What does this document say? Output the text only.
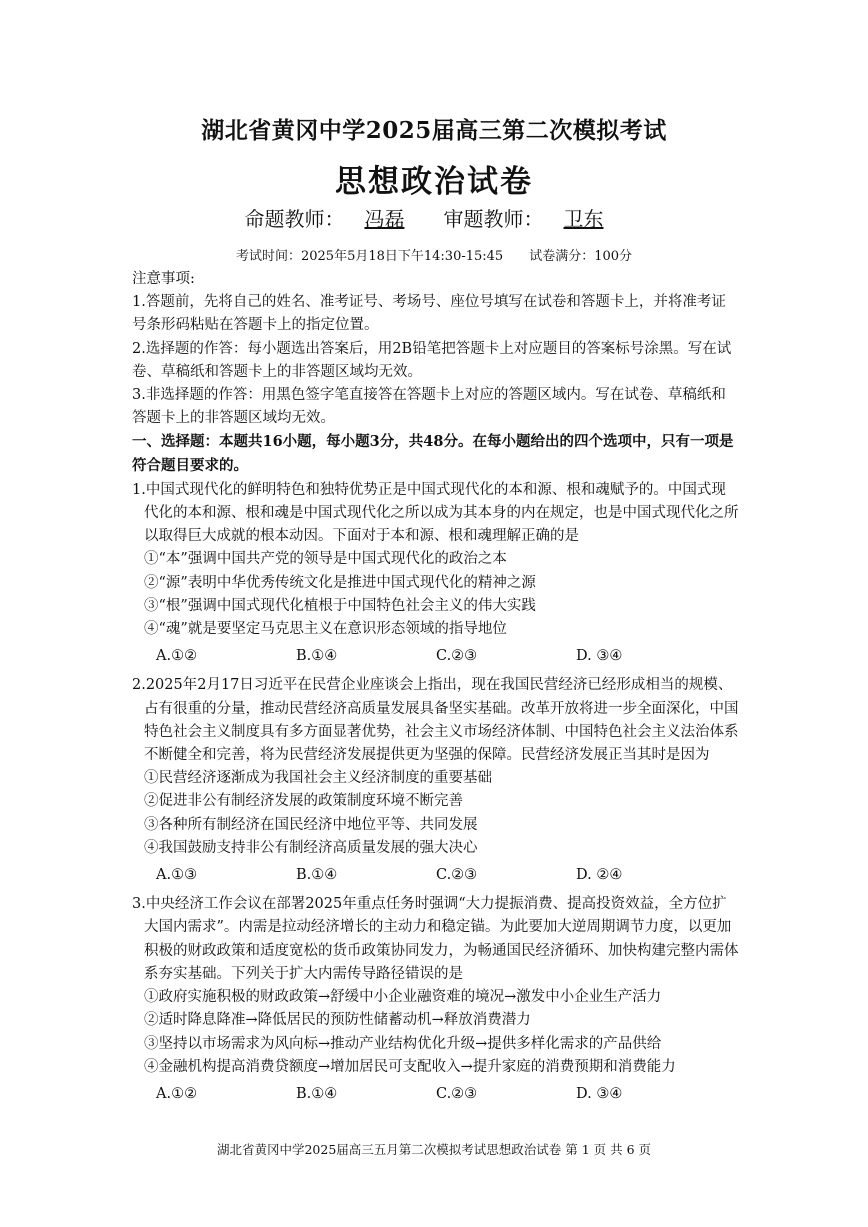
湖北省黄冈中学2025届高三第二次模拟考试
思想政治试卷
命题教师： 冯磊 审题教师： 卫东
考试时间：2025年5月18日下午14:30-15:45　　试卷满分：100分

注意事项:

1.答题前，先将自己的姓名、准考证号、考场号、座位号填写在试卷和答题卡上，并将准考证号条形码粘贴在答题卡上的指定位置。

2.选择题的作答：每小题选出答案后，用2B铅笔把答题卡上对应题目的答案标号涂黑。写在试卷、草稿纸和答题卡上的非答题区域均无效。

3.非选择题的作答：用黑色签字笔直接答在答题卡上对应的答题区域内。写在试卷、草稿纸和答题卡上的非答题区域均无效。

一、选择题：本题共16小题，每小题3分，共48分。在每小题给出的四个选项中，只有一项是符合题目要求的。

1.中国式现代化的鲜明特色和独特优势正是中国式现代化的本和源、根和魂赋予的。中国式现代化的本和源、根和魂是中国式现代化之所以成为其本身的内在规定，也是中国式现代化之所以取得巨大成就的根本动因。下面对于本和源、根和魂理解正确的是

①“本”强调中国共产党的领导是中国式现代化的政治之本

②“源”表明中华优秀传统文化是推进中国式现代化的精神之源

③“根”强调中国式现代化植根于中国特色社会主义的伟大实践

④“魂”就是要坚定马克思主义在意识形态领域的指导地位

A.①②	B.①④	C.②③	D. ③④

2.2025年2月17日习近平在民营企业座谈会上指出，现在我国民营经济已经形成相当的规模、占有很重的分量，推动民营经济高质量发展具备坚实基础。改革开放将进一步全面深化，中国特色社会主义制度具有多方面显著优势，社会主义市场经济体制、中国特色社会主义法治体系不断健全和完善，将为民营经济发展提供更为坚强的保障。民营经济发展正当其时是因为

①民营经济逐渐成为我国社会主义经济制度的重要基础

②促进非公有制经济发展的政策制度环境不断完善

③各种所有制经济在国民经济中地位平等、共同发展

④我国鼓励支持非公有制经济高质量发展的强大决心

A.①③	B.①④	C.②③	D. ②④

3.中央经济工作会议在部署2025年重点任务时强调“大力提振消费、提高投资效益，全方位扩大国内需求”。内需是拉动经济增长的主动力和稳定锚。为此要加大逆周期调节力度，以更加积极的财政政策和适度宽松的货币政策协同发力，为畅通国民经济循环、加快构建完整内需体系夯实基础。下列关于扩大内需传导路径错误的是

①政府实施积极的财政政策→舒缓中小企业融资难的境况→激发中小企业生产活力

②适时降息降准→降低居民的预防性储蓄动机→释放消费潜力

③坚持以市场需求为风向标→推动产业结构优化升级→提供多样化需求的产品供给

④金融机构提高消费贷额度→增加居民可支配收入→提升家庭的消费预期和消费能力

A.①②	B.①④	C.②③	D. ③④
湖北省黄冈中学2025届高三五月第二次模拟考试思想政治试卷 第 1 页 共 6 页
